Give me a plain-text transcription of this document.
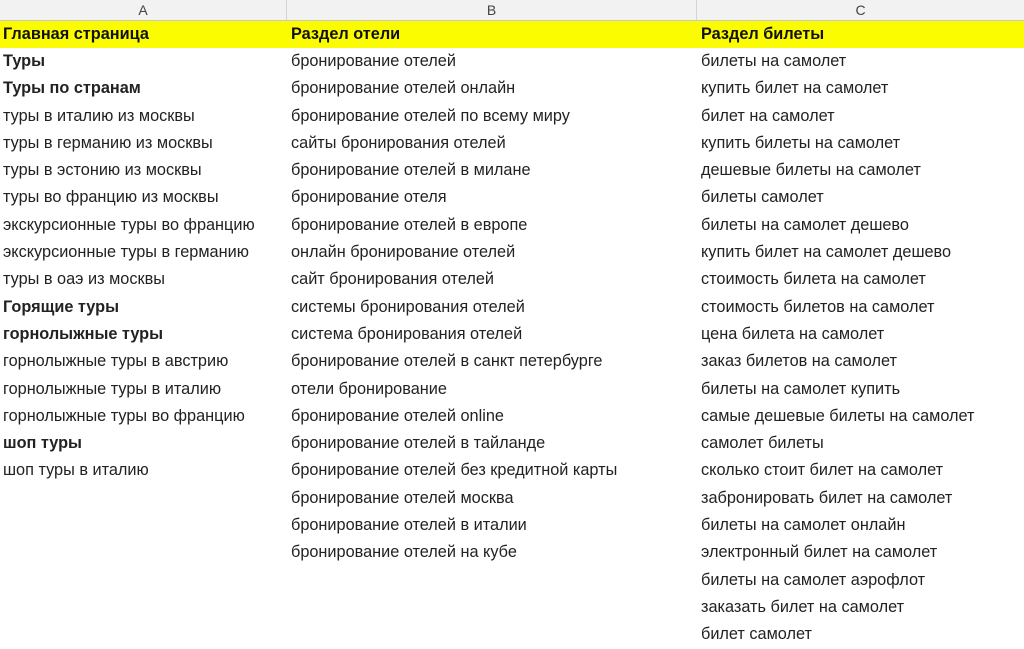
A	B	C
Главная страница
Туры
Туры по странам
туры в италию из москвы
туры в германию из москвы
туры в эстонию из москвы
туры во францию из москвы
экскурсионные туры во францию
экскурсионные туры в германию
туры в оаэ из москвы
Горящие туры
горнолыжные туры
горнолыжные туры в австрию
горнолыжные туры в италию
горнолыжные туры во францию
шоп туры
шоп туры в италию
Раздел отели
бронирование отелей
бронирование отелей онлайн
бронирование отелей по всему миру
сайты бронирования отелей
бронирование отелей в милане
бронирование отеля
бронирование отелей в европе
онлайн бронирование отелей
сайт бронирования отелей
системы бронирования отелей
система бронирования отелей
бронирование отелей в санкт петербурге
отели бронирование
бронирование отелей online
бронирование отелей в тайланде
бронирование отелей без кредитной карты
бронирование отелей москва
бронирование отелей в италии
бронирование отелей на кубе
Раздел билеты
билеты на самолет
купить билет на самолет
билет на самолет
купить билеты на самолет
дешевые билеты на самолет
билеты самолет
билеты на самолет дешево
купить билет на самолет дешево
стоимость билета на самолет
стоимость билетов на самолет
цена билета на самолет
заказ билетов на самолет
билеты на самолет купить
самые дешевые билеты на самолет
самолет билеты
сколько стоит билет на самолет
забронировать билет на самолет
билеты на самолет онлайн
электронный билет на самолет
билеты на самолет аэрофлот
заказать билет на самолет
билет самолет
